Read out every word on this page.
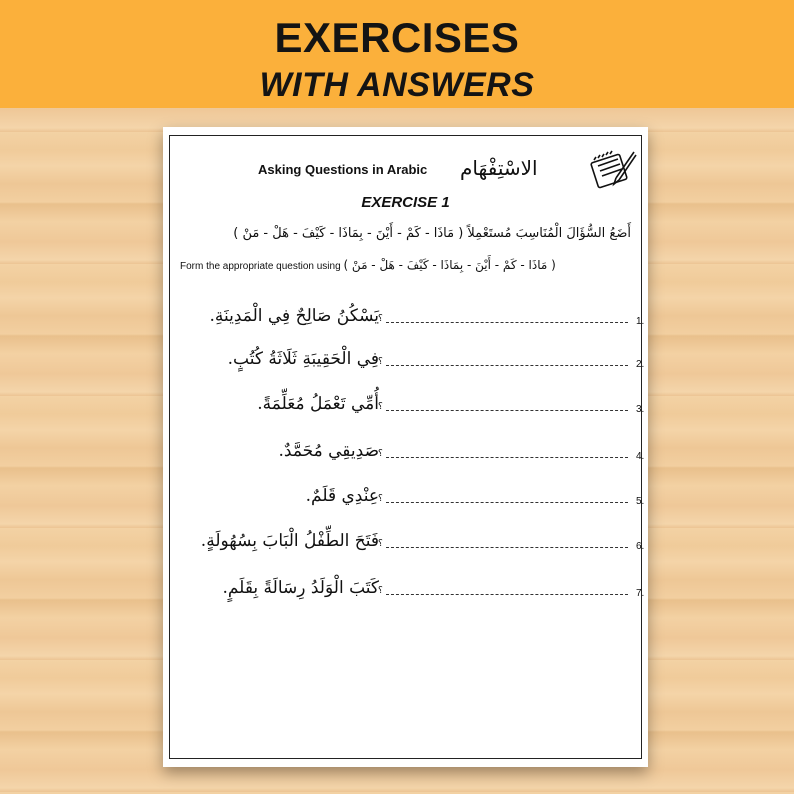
EXERCISES
WITH ANSWERS
Asking Questions in Arabic الاسْتِفْهَام
EXERCISE 1
أَضَعُ السُّؤَالَ الْمُنَاسِبَ مُستَعْمِلاً ( مَاذَا - كَمْ - أَيْنَ - بِمَاذَا - كَيْفَ - هَلْ - مَنْ )
Form the appropriate question using ( مَاذَا - كَمْ - أَيْنَ - بِمَاذَا - كَيْفَ - هَلْ - مَنْ )
يَسْكُنُ صَالِحٌ فِي الْمَدِينَةِ. ؟	1.
فِي الْحَقِيبَةِ ثَلَاثَةُ كُتُبٍ. ؟	2.
أُمِّي تَعْمَلُ مُعَلِّمَةً. ؟	3.
صَدِيقِي مُحَمَّدٌ. ؟	4.
عِنْدِي قَلَمٌ. ؟	5.
فَتَحَ الطِّفْلُ الْبَابَ بِسُهُولَةٍ. ؟	6.
كَتَبَ الْوَلَدُ رِسَالَةً بِقَلَمٍ. ؟	7.
